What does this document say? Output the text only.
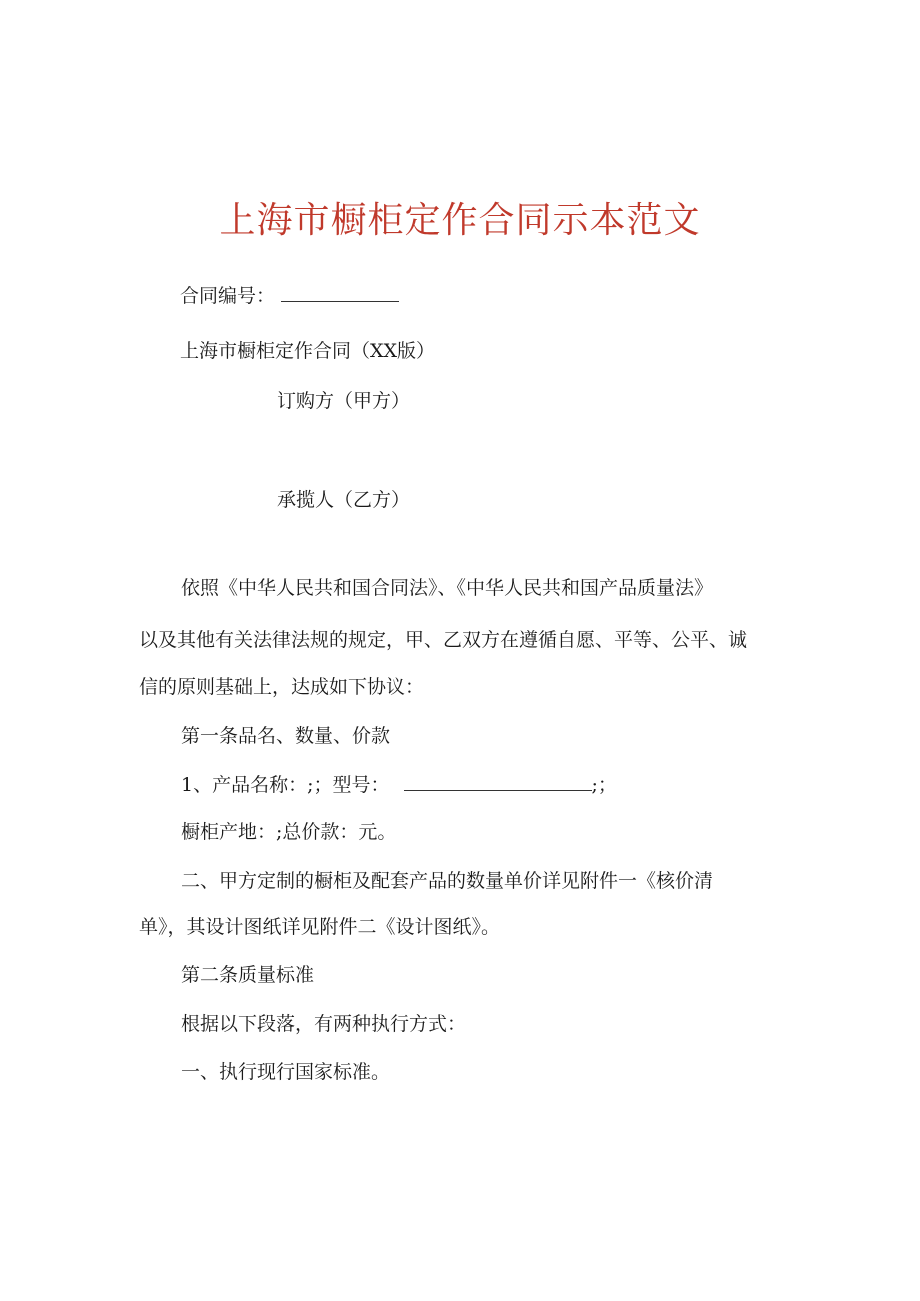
上海市橱柜定作合同示本范文
合同编号：
上海市橱柜定作合同（XX版）
订购方（甲方）
承揽人（乙方）
依照《中华人民共和国合同法》、《中华人民共和国产品质量法》
以及其他有关法律法规的规定，甲、乙双方在遵循自愿、平等、公平、诚
信的原则基础上，达成如下协议：
第一条品名、数量、价款
1、产品名称：;；型号：	;；
橱柜产地：;总价款：元。
二、甲方定制的橱柜及配套产品的数量单价详见附件一《核价清
单》，其设计图纸详见附件二《设计图纸》。
第二条质量标准
根据以下段落，有两种执行方式：
一、执行现行国家标准。
